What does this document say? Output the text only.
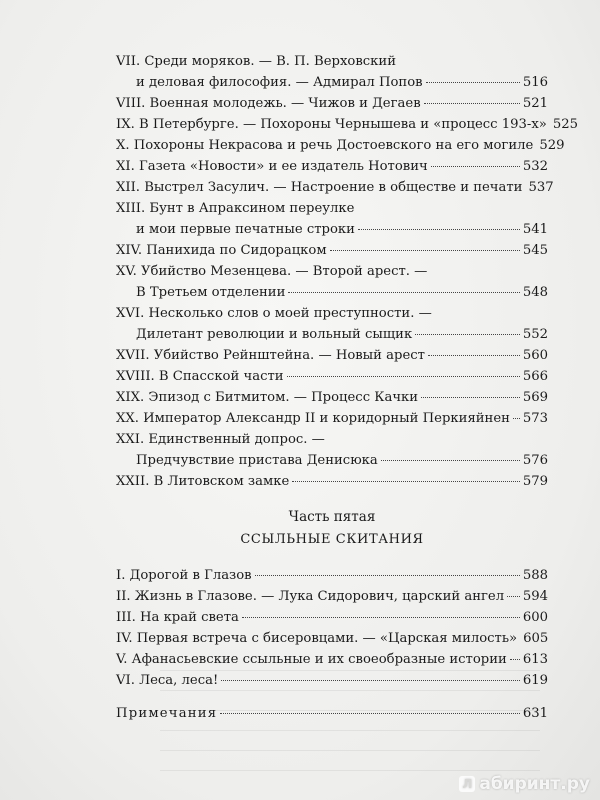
VII. Среди моряков. — В. П. Верховский
и деловая философия. — Адмирал Попов	516
VIII. Военная молодежь. — Чижов и Дегаев	521
IX. В Петербурге. — Похороны Чернышева и «процесс 193-х» 525
X. Похороны Некрасова и речь Достоевского на его могиле 529
XI. Газета «Новости» и ее издатель Нотович	532
XII. Выстрел Засулич. — Настроение в обществе и печати 537
XIII. Бунт в Апраксином переулке
и мои первые печатные строки	541
XIV. Панихида по Сидорацком	545
XV. Убийство Мезенцева. — Второй арест. —
В Третьем отделении	548
XVI. Несколько слов о моей преступности. —
Дилетант революции и вольный сыщик	552
XVII. Убийство Рейнштейна. — Новый арест	560
XVIII. В Спасской части	566
XIX. Эпизод с Битмитом. — Процесс Качки	569
XX. Император Александр II и коридорный Перкияйнен 573
XXI. Единственный допрос. —
Предчувствие пристава Денисюка	576
XXII. В Литовском замке	579
Часть пятая
ССЫЛЬНЫЕ СКИТАНИЯ
I. Дорогой в Глазов	588
II. Жизнь в Глазове. — Лука Сидорович, царский ангел 594
III. На край света	600
IV. Первая встреча с бисеровцами. — «Царская милость» 605
V. Афанасьевские ссыльные и их своеобразные истории 613
VI. Леса, леса!	619
Примечания	631
Л абиринт.ру
